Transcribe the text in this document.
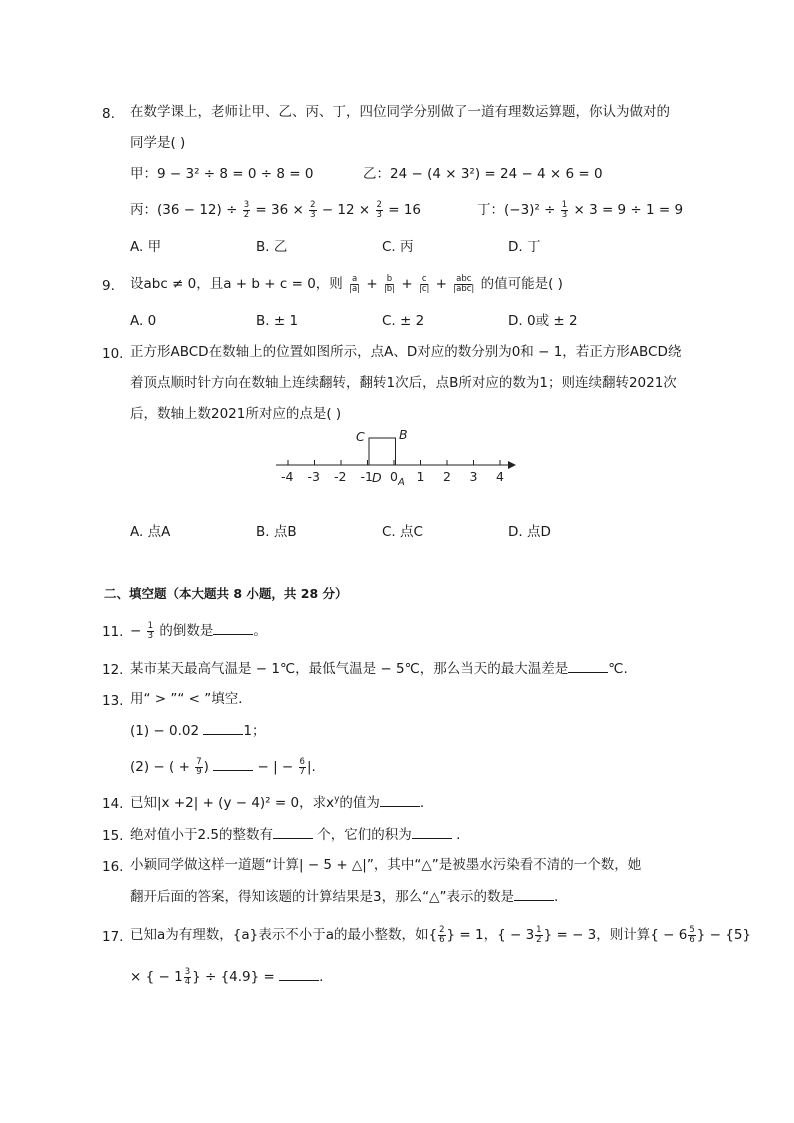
8. 在数学课上，老师让甲、乙、丙、丁，四位同学分别做了一道有理数运算题，你认为做对的
同学是( )
甲：9 − 3² ÷ 8 = 0 ÷ 8 = 0	乙：24 − (4 × 3²) = 24 − 4 × 6 = 0
丙：$(36 - 12) \div \frac{3}{2} = 36 \times \frac{2}{3} - 12 \times \frac{2}{3} = 16$	丁：$(-3)^2 \div \frac{1}{3} \times 3 = 9 \div 1 = 9$
A. 甲	B. 乙	C. 丙	D. 丁
9. 设abc ≠ 0，且a + b + c = 0，则 $\frac{a}{|a|} + \frac{b}{|b|} + \frac{c}{|c|} + \frac{\text{abc}}{\text{|abc|}}$ 的值可能是( )
A. 0	B. ± 1	C. ± 2	D. 0或 ± 2
10. 正方形ABCD在数轴上的位置如图所示，点A、D对应的数分别为0和 − 1，若正方形ABCD绕
着顶点顺时针方向在数轴上连续翻转，翻转1次后，点B所对应的数为1；则连续翻转2021次
后，数轴上数2021所对应的点是( )
-4 -3 -2 -1 0 1 2 3 4
C	B
D A
A. 点A	B. 点B	C. 点C	D. 点D
二、填空题（本大题共 8 小题，共 28 分）
11. − $\frac{1}{3}$ 的倒数是	。
12. 某市某天最高气温是 − 1℃，最低气温是 − 5℃，那么当天的最大温差是	℃.
13. 用“ > ”“ < ”填空．
(1) − 0.02	1；
(2) − ( + $\frac{7}{9}$ )	− | − $\frac{6}{7}$ |.
14. 已知|x +2| + (y − 4)² = 0，求$x^y$的值为	.
15. 绝对值小于2.5的整数有	个，它们的积为	.
16. 小颖同学做这样一道题“计算| − 5 + △|”，其中“△”是被墨水污染看不清的一个数，她
翻开后面的答案，得知该题的计算结果是3，那么“△”表示的数是	.
17. 已知a为有理数，{a}表示不小于a的最小整数，如{ $\frac{2}{6}$ } = 1，{ − $3 \frac{1}{2}$ } = − 3，则计算{ − $6 \frac{5}{6}$ } − {5}
× { − $1 \frac{3}{4}$ } ÷ {4.9} =	.
